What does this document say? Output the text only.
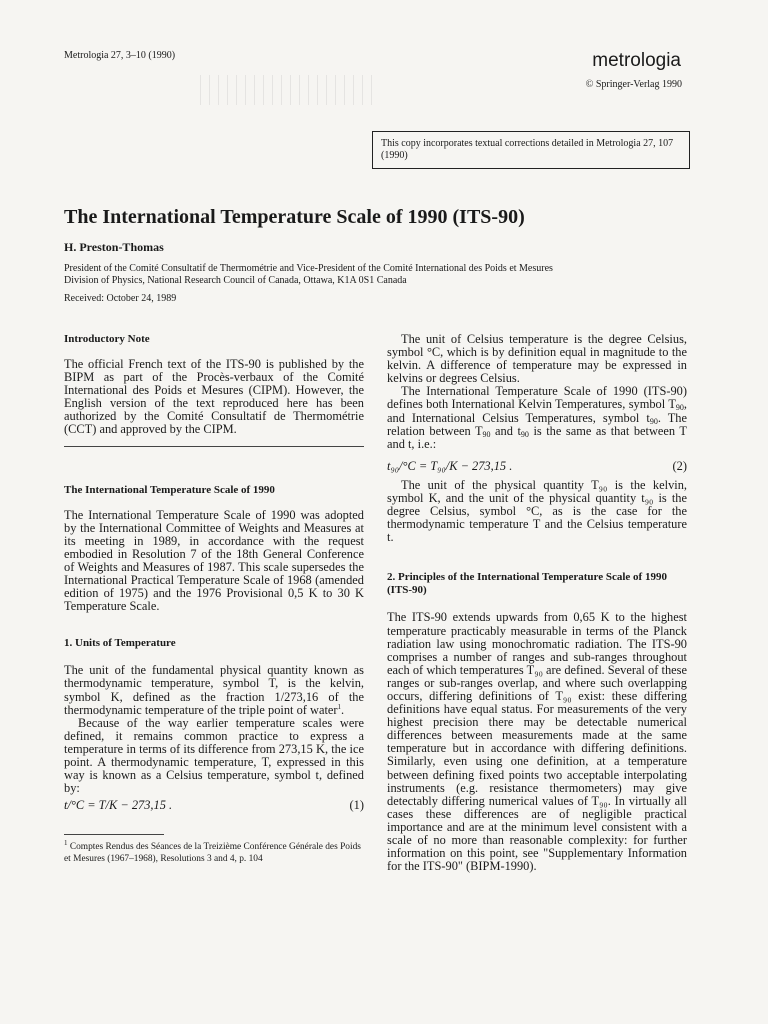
Metrologia 27, 3–10 (1990)	metrologia
© Springer-Verlag 1990
This copy incorporates textual corrections detailed in Metrologia 27, 107 (1990)
The International Temperature Scale of 1990 (ITS-90)
H. Preston-Thomas
President of the Comité Consultatif de Thermométrie and Vice-President of the Comité International des Poids et Mesures
Division of Physics, National Research Council of Canada, Ottawa, K1A 0S1 Canada
Received: October 24, 1989
Introductory Note

The official French text of the ITS-90 is published by the BIPM as part of the Procès-verbaux of the Comité International des Poids et Mesures (CIPM). However, the English version of the text reproduced here has been authorized by the Comité Consultatif de Thermométrie (CCT) and approved by the CIPM.

The International Temperature Scale of 1990

The International Temperature Scale of 1990 was adopted by the International Committee of Weights and Measures at its meeting in 1989, in accordance with the request embodied in Resolution 7 of the 18th General Conference of Weights and Measures of 1987. This scale supersedes the International Practical Temperature Scale of 1968 (amended edition of 1975) and the 1976 Provisional 0,5 K to 30 K Temperature Scale.

1. Units of Temperature

The unit of the fundamental physical quantity known as thermodynamic temperature, symbol T, is the kelvin, symbol K, defined as the fraction 1/273,16 of the thermodynamic temperature of the triple point of water$^1$.

Because of the way earlier temperature scales were defined, it remains common practice to express a temperature in terms of its difference from 273,15 K, the ice point. A thermodynamic temperature, T, expressed in this way is known as a Celsius temperature, symbol t, defined by:

t/°C = T/K − 273,15 .	(1)
$^1$ Comptes Rendus des Séances de la Treizième Conférence Générale des Poids et Mesures (1967–1968), Resolutions 3 and 4, p. 104

The unit of Celsius temperature is the degree Celsius, symbol °C, which is by definition equal in magnitude to the kelvin. A difference of temperature may be expressed in kelvins or degrees Celsius.

The International Temperature Scale of 1990 (ITS-90) defines both International Kelvin Temperatures, symbol $T_{90}$, and International Celsius Temperatures, symbol $t_{90}$. The relation between $T_{90}$ and $t_{90}$ is the same as that between T and t, i.e.:

t₉₀/°C = T₉₀/K − 273,15 .	(2)

The unit of the physical quantity T₉₀ is the kelvin, symbol K, and the unit of the physical quantity t₉₀ is the degree Celsius, symbol °C, as is the case for the thermodynamic temperature T and the Celsius temperature t.

2. Principles of the International Temperature Scale of 1990 (ITS-90)

The ITS-90 extends upwards from 0,65 K to the highest temperature practicably measurable in terms of the Planck radiation law using monochromatic radiation. The ITS-90 comprises a number of ranges and sub-ranges throughout each of which temperatures T₉₀ are defined. Several of these ranges or sub-ranges overlap, and where such overlapping occurs, differing definitions of T₉₀ exist: these differing definitions have equal status. For measurements of the very highest precision there may be detectable numerical differences between measurements made at the same temperature but in accordance with differing definitions. Similarly, even using one definition, at a temperature between defining fixed points two acceptable interpolating instruments (e.g. resistance thermometers) may give detectably differing numerical values of T₉₀. In virtually all cases these differences are of negligible practical importance and are at the minimum level consistent with a scale of no more than reasonable complexity: for further information on this point, see "Supplementary Information for the ITS-90" (BIPM-1990).
